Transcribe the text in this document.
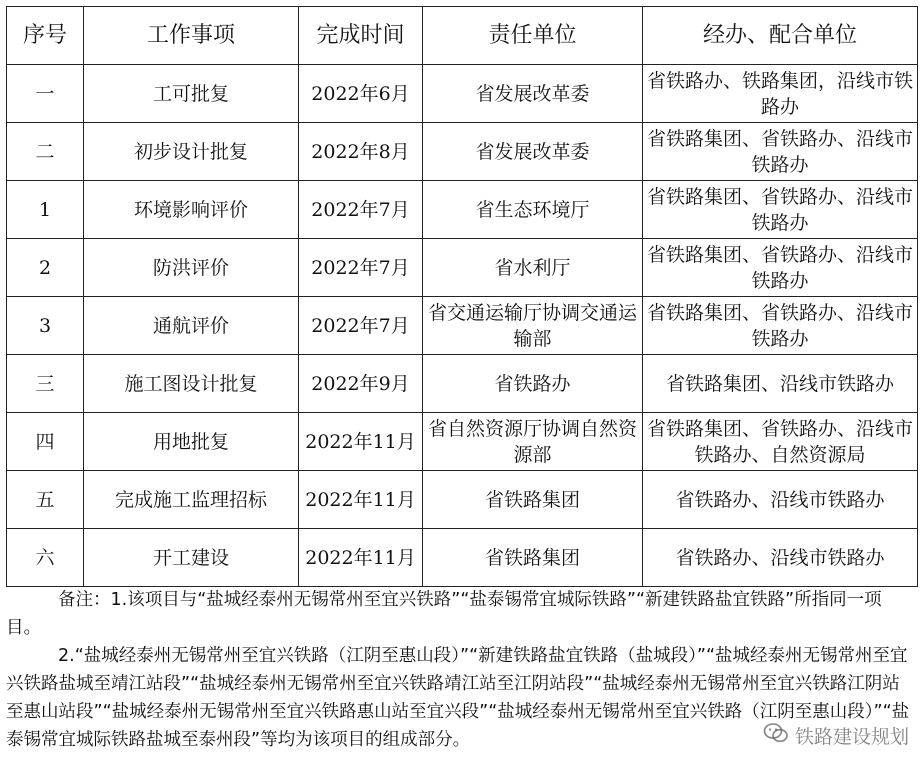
序号	工作事项	完成时间	责任单位	经办、配合单位
一	工可批复	2022年6月	省发展改革委	省铁路办、铁路集团，沿线市铁路办
二	初步设计批复	2022年8月	省发展改革委	省铁路集团、省铁路办、沿线市铁路办
1	环境影响评价	2022年7月	省生态环境厅	省铁路集团、省铁路办、沿线市铁路办
2	防洪评价	2022年7月	省水利厅	省铁路集团、省铁路办、沿线市铁路办
3	通航评价	2022年7月	省交通运输厅协调交通运输部	省铁路集团、省铁路办、沿线市铁路办
三	施工图设计批复	2022年9月	省铁路办	省铁路集团、沿线市铁路办
四	用地批复	2022年11月	省自然资源厅协调自然资源部	省铁路集团、省铁路办、沿线市铁路办、自然资源局
五	完成施工监理招标	2022年11月	省铁路集团	省铁路办、沿线市铁路办
六	开工建设	2022年11月	省铁路集团	省铁路办、沿线市铁路办

备注：1.该项目与“盐城经泰州无锡常州至宜兴铁路”“盐泰锡常宜城际铁路”“新建铁路盐宜铁路”所指同一项目。

2.“盐城经泰州无锡常州至宜兴铁路（江阴至惠山段）”“新建铁路盐宜铁路（盐城段）”“盐城经泰州无锡常州至宜兴铁路盐城至靖江站段”“盐城经泰州无锡常州至宜兴铁路靖江站至江阴站段”“盐城经泰州无锡常州至宜兴铁路江阴站至惠山站段”“盐城经泰州无锡常州至宜兴铁路惠山站至宜兴段”“盐城经泰州无锡常州至宜兴铁路（江阴至惠山段）”“盐泰锡常宜城际铁路盐城至泰州段”等均为该项目的组成部分。	铁路建设规划
